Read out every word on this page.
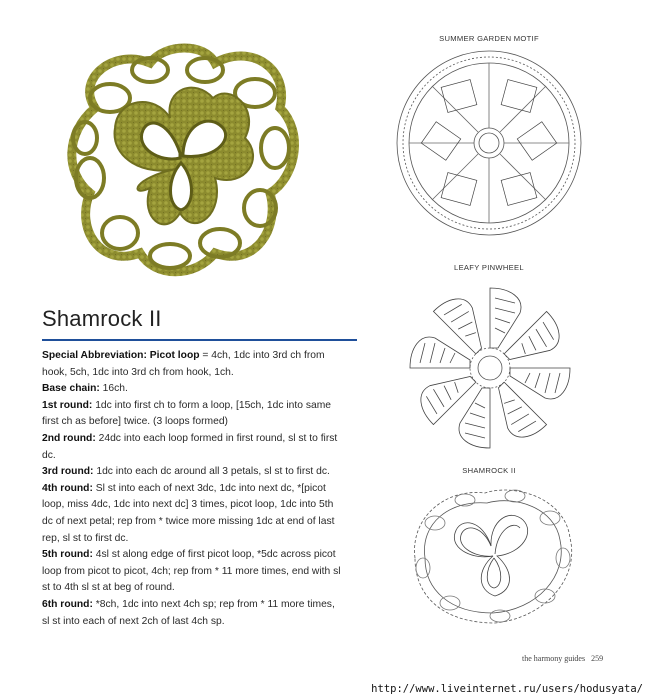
Shamrock II

Special Abbreviation: Picot loop = 4ch, 1dc into 3rd ch from hook, 5ch, 1dc into 3rd ch from hook, 1ch.

Base chain: 16ch.

1st round: 1dc into first ch to form a loop, [15ch, 1dc into same first ch as before] twice. (3 loops formed)

2nd round: 24dc into each loop formed in first round, sl st to first dc.

3rd round: 1dc into each dc around all 3 petals, sl st to first dc.

4th round: Sl st into each of next 3dc, 1dc into next dc, *[picot loop, miss 4dc, 1dc into next dc] 3 times, picot loop, 1dc into 5th dc of next petal; rep from * twice more missing 1dc at end of last rep, sl st to first dc.

5th round: 4sl st along edge of first picot loop, *5dc across picot loop from picot to picot, 4ch; rep from * 11 more times, end with sl st to 4th sl st at beg of round.

6th round: *8ch, 1dc into next 4ch sp; rep from * 11 more times, sl st into each of next 2ch of last 4ch sp.

SUMMER GARDEN MOTIF
LEAFY PINWHEEL
SHAMROCK II
the harmony guides 259
http://www.liveinternet.ru/users/hodusyata/
